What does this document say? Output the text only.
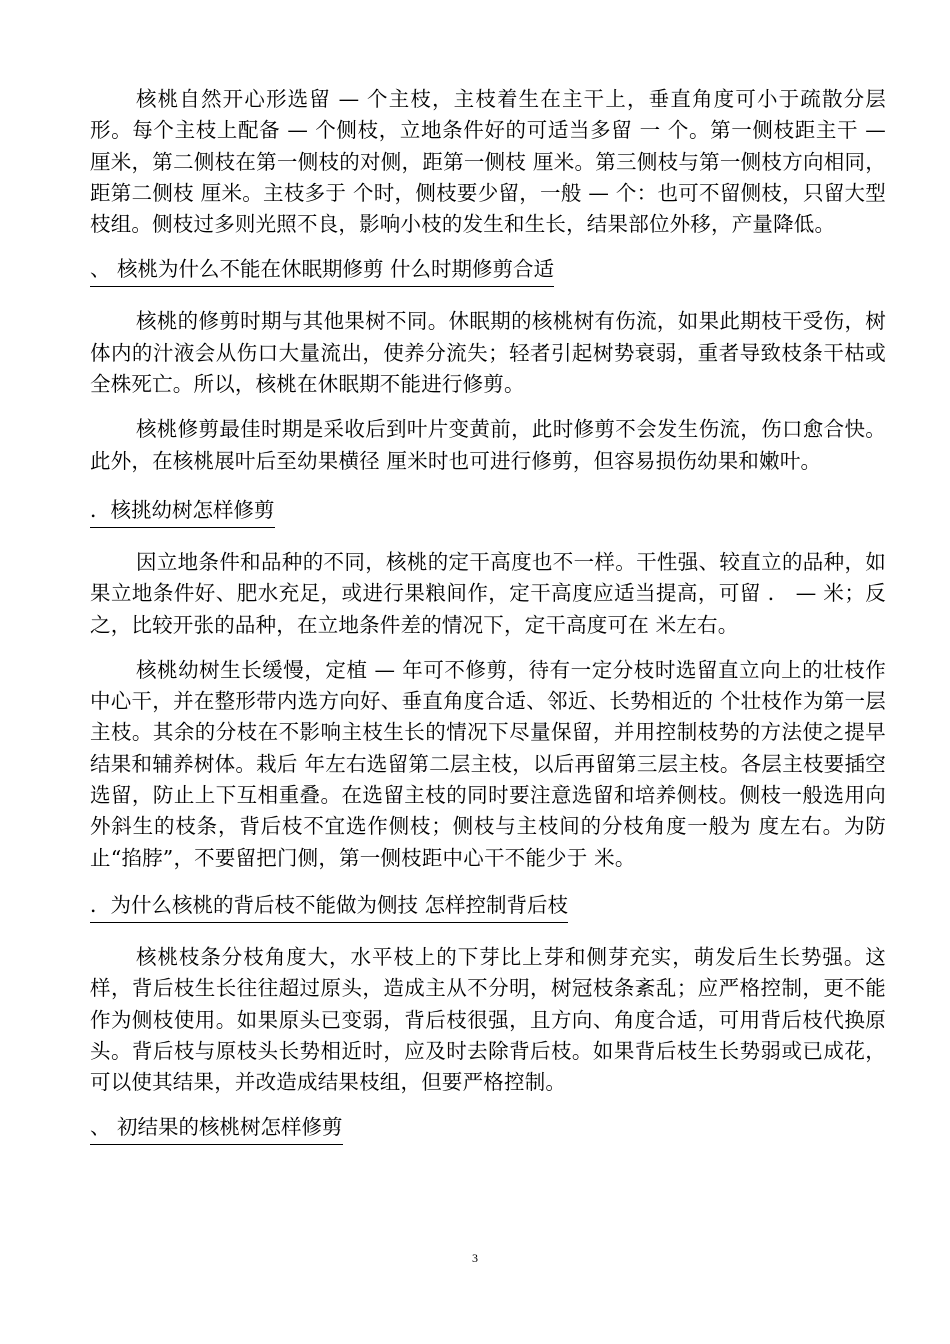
核桃自然开心形选留 — 个主枝，主枝着生在主干上，垂直角度可小于疏散分层形。每个主枝上配备 — 个侧枝，立地条件好的可适当多留 一 个。第一侧枝距主干 — 厘米，第二侧枝在第一侧枝的对侧，距第一侧枝 厘米。第三侧枝与第一侧枝方向相同，距第二侧枝 厘米。主枝多于 个时，侧枝要少留，一般 — 个：也可不留侧枝，只留大型枝组。侧枝过多则光照不良，影响小枝的发生和生长，结果部位外移，产量降低。

、 核桃为什么不能在休眠期修剪 什么时期修剪合适

核桃的修剪时期与其他果树不同。休眠期的核桃树有伤流，如果此期枝干受伤，树体内的汁液会从伤口大量流出，使养分流失；轻者引起树势衰弱，重者导致枝条干枯或全株死亡。所以，核桃在休眠期不能进行修剪。

核桃修剪最佳时期是采收后到叶片变黄前，此时修剪不会发生伤流，伤口愈合快。此外，在核桃展叶后至幼果横径 厘米时也可进行修剪，但容易损伤幼果和嫩叶。

．核挑幼树怎样修剪

因立地条件和品种的不同，核桃的定干高度也不一样。干性强、较直立的品种，如果立地条件好、肥水充足，或进行果粮间作，定干高度应适当提高，可留 ． — 米；反之，比较开张的品种，在立地条件差的情况下，定干高度可在 米左右。

核桃幼树生长缓慢，定植 — 年可不修剪，待有一定分枝时选留直立向上的壮枝作中心干，并在整形带内选方向好、垂直角度合适、邻近、长势相近的 个壮枝作为第一层主枝。其余的分枝在不影响主枝生长的情况下尽量保留，并用控制枝势的方法使之提早结果和辅养树体。栽后 年左右选留第二层主枝，以后再留第三层主枝。各层主枝要插空选留，防止上下互相重叠。在选留主枝的同时要注意选留和培养侧枝。侧枝一般选用向外斜生的枝条，背后枝不宜选作侧枝；侧枝与主枝间的分枝角度一般为 度左右。为防止“掐脖”，不要留把门侧，第一侧枝距中心干不能少于 米。

．为什么核桃的背后枝不能做为侧技 怎样控制背后枝

核桃枝条分枝角度大，水平枝上的下芽比上芽和侧芽充实，萌发后生长势强。这样，背后枝生长往往超过原头，造成主从不分明，树冠枝条紊乱；应严格控制，更不能作为侧枝使用。如果原头已变弱，背后枝很强，且方向、角度合适，可用背后枝代换原头。背后枝与原枝头长势相近时，应及时去除背后枝。如果背后枝生长势弱或已成花，可以使其结果，并改造成结果枝组，但要严格控制。

、 初结果的核桃树怎样修剪
3
